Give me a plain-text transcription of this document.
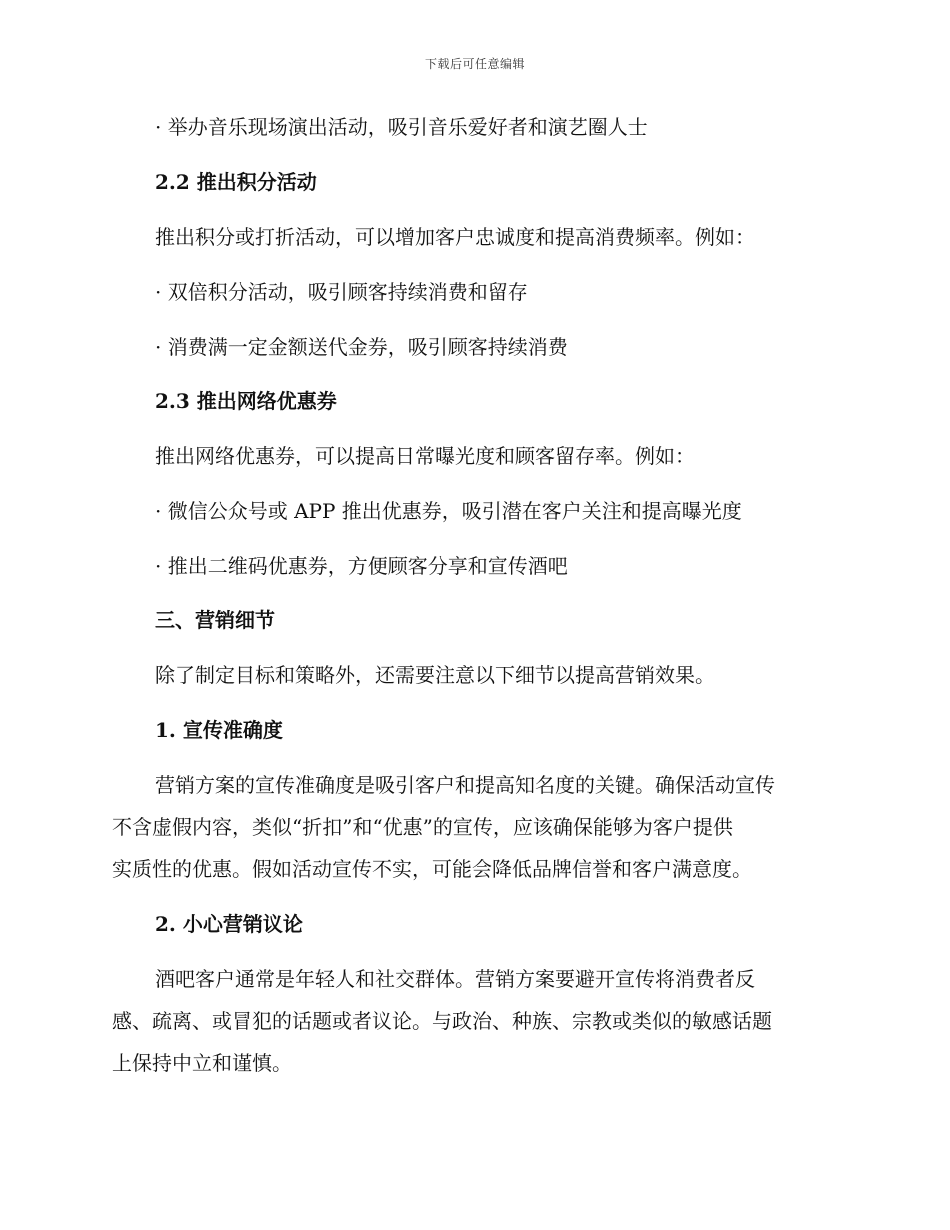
下载后可任意编辑
· 举办音乐现场演出活动，吸引音乐爱好者和演艺圈人士
2.2 推出积分活动
推出积分或打折活动，可以增加客户忠诚度和提高消费频率。例如：
· 双倍积分活动，吸引顾客持续消费和留存
· 消费满一定金额送代金券，吸引顾客持续消费
2.3 推出网络优惠券
推出网络优惠券，可以提高日常曝光度和顾客留存率。例如：
· 微信公众号或 APP 推出优惠券，吸引潜在客户关注和提高曝光度
· 推出二维码优惠券，方便顾客分享和宣传酒吧
三、营销细节
除了制定目标和策略外，还需要注意以下细节以提高营销效果。
1. 宣传准确度
营销方案的宣传准确度是吸引客户和提高知名度的关键。确保活动宣传
不含虚假内容，类似“折扣”和“优惠”的宣传，应该确保能够为客户提供
实质性的优惠。假如活动宣传不实，可能会降低品牌信誉和客户满意度。
2. 小心营销议论
酒吧客户通常是年轻人和社交群体。营销方案要避开宣传将消费者反
感、疏离、或冒犯的话题或者议论。与政治、种族、宗教或类似的敏感话题
上保持中立和谨慎。
